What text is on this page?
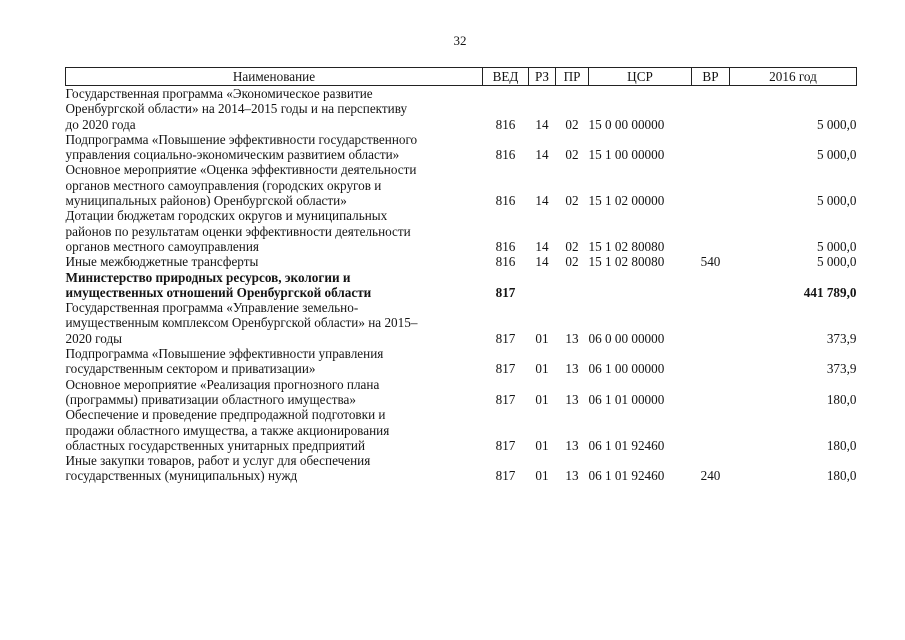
32
Наименование	ВЕД	РЗ	ПР	ЦСР	ВР	2016 год

Государственная программа «Экономическое развитие
Оренбургской области» на 2014–2015 годы и на перспективу
до 2020 года	816	14	02	15 0 00 00000		5 000,0

Подпрограмма «Повышение эффективности государственного
управления социально-экономическим развитием области»	816	14	02	15 1 00 00000		5 000,0

Основное мероприятие «Оценка эффективности деятельности
органов местного самоуправления (городских округов и
муниципальных районов) Оренбургской области»	816	14	02	15 1 02 00000		5 000,0

Дотации бюджетам городских округов и муниципальных
районов по результатам оценки эффективности деятельности
органов местного самоуправления	816	14	02	15 1 02 80080		5 000,0

Иные межбюджетные трансферты	816	14	02	15 1 02 80080	540	5 000,0

Министерство природных ресурсов, экологии и
имущественных отношений Оренбургской области	817					441 789,0

Государственная программа «Управление земельно-
имущественным комплексом Оренбургской области» на 2015–
2020 годы	817	01	13	06 0 00 00000		373,9

Подпрограмма «Повышение эффективности управления
государственным сектором и приватизации»	817	01	13	06 1 00 00000		373,9

Основное мероприятие «Реализация прогнозного плана
(программы) приватизации областного имущества»	817	01	13	06 1 01 00000		180,0

Обеспечение и проведение предпродажной подготовки и
продажи областного имущества, а также акционирования
областных государственных унитарных предприятий	817	01	13	06 1 01 92460		180,0

Иные закупки товаров, работ и услуг для обеспечения
государственных (муниципальных) нужд	817	01	13	06 1 01 92460	240	180,0
